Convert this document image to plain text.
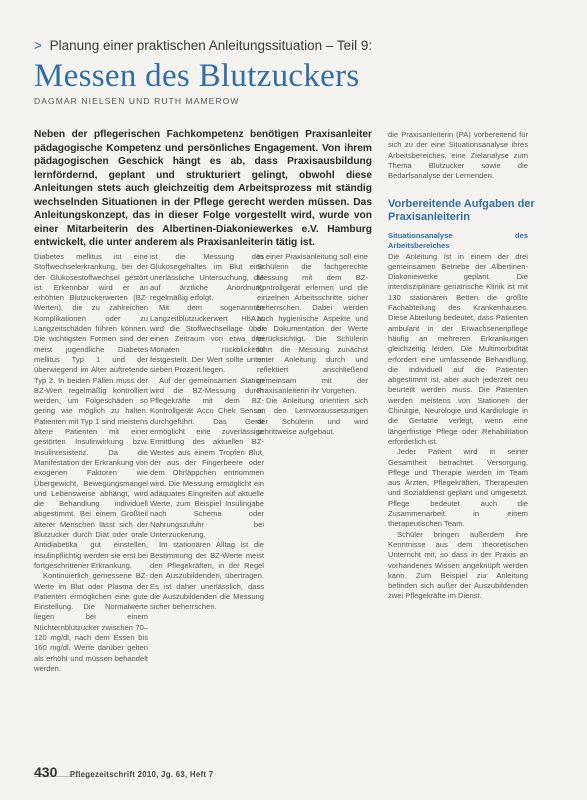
> Planung einer praktischen Anleitungssituation – Teil 9:
Messen des Blutzuckers
DAGMAR NIELSEN UND RUTH MAMEROW
Neben der pflegerischen Fachkompetenz benötigen Praxisanleiter pädagogische Kompetenz und persönliches Engagement. Von ihrem pädagogischen Geschick hängt es ab, dass Praxisausbildung lernfördernd, geplant und strukturiert gelingt, obwohl diese Anleitungen stets auch gleichzeitig dem Arbeitsprozess mit ständig wechselnden Situationen in der Pflege gerecht werden müssen. Das Anleitungskonzept, das in dieser Folge vorgestellt wird, wurde von einer Mitarbeiterin des Albertinen-Diakoniewerkes e.V. Hamburg entwickelt, die unter anderem als Praxisanleiterin tätig ist.

Diabetes mellitus ist eine Stoffwechselerkrankung, bei der der Glukosestoffwechsel gestört ist. Erkennbar wird er an erhöhten Blutzuckerwerten (BZ-Werten), die zu zahlreichen Komplikationen oder zu Langzeitschäden führen können. Die wichtigsten Formen sind der meist jugendliche Diabetes mellitus Typ 1 und der überwiegend im Alter auftretende Typ 2. In beiden Fällen muss der BZ-Wert regelmäßig kontrolliert werden, um Folgeschäden so gering wie möglich zu halten. Patienten mit Typ 1 sind meistens ältere Patienten mit einer gestörten Insulinwirkung bzw. Insulinresistenz. Da die Manifestation der Erkrankung von exogenen Faktoren wie Übergewicht, Bewegungsmangel und Lebensweise abhängt, wird die Behandlung individuell abgestimmt. Bei einem Großteil älterer Menschen lässt sich der Blutzucker durch Diät oder orale Antidiabetika gut einstellen, insulinpflichtig werden sie erst bei fortgeschrittener Erkrankung.

Kontinuierlich gemessene BZ-Werte im Blut oder Plasma der Patienten ermöglichen eine gute Einstellung. Die Normalwerte liegen bei einem Nüchternblutzucker zwischen 70–120 mg/dl, nach dem Essen bis 160 mg/dl. Werte darüber gelten als erhöht und müssen behandelt werden.

ist die Messung des Glukosegehaltes im Blut eine unerlässliche Untersuchung, die auf ärztliche Anordnung regelmäßig erfolgt.

Mit dem sogenannten Langzeitblutzuckerwert HbA1c wird die Stoffwechsellage über einen Zeitraum von etwa drei Monaten rückblickend festgestellt. Der Wert sollte unter sieben Prozent liegen.

Auf der gemeinsamen Station wird die BZ-Messung durch Pflegekräfte mit dem BZ-Kontrollgerät Accu Chek Sensor durchgeführt. Das Gerät ermöglicht eine zuverlässige Ermittlung des aktuellen BZ-Wertes aus einem Tropfen Blut, der aus der Fingerbeere oder dem Ohrläppchen entnommen wird. Die Messung ermöglicht ein adäquates Eingreifen auf aktuelle Werte, zum Beispiel Insulingabe nach Schema oder Nahrungszufuhr bei Unterzuckerung.

Im stationären Alltag ist die Bestimmung der BZ-Werte meist den Pflegekräften, in der Regel den Auszubildenden, übertragen. Es ist daher unerlässlich, dass die Auszubildenden die Messung sicher beherrschen.

In einer Praxisanleitung soll eine Schülerin die fachgerechte Messung mit dem BZ-Kontrollgerät erlernen und die einzelnen Arbeitsschritte sicher beherrschen. Dabei werden auch hygienische Aspekte und die Dokumentation der Werte berücksichtigt. Die Schülerin führt die Messung zunächst unter Anleitung durch und reflektiert anschließend gemeinsam mit der Praxisanleiterin ihr Vorgehen.

Die Anleitung orientiert sich an den Lernvoraussetzungen der Schülerin und wird schrittweise aufgebaut.

die Praxisanleiterin (PA) vorbereitend für sich zu der eine Situationsanalyse ihres Arbeitsbereiches, eine Zielanalyse zum Thema Blutzucker sowie die Bedarfsanalyse der Lernenden.

Vorbereitende Aufgaben der Praxisanleiterin
Situationsanalyse des Arbeitsbereiches

Die Anleitung ist in einem der drei gemeinsamen Betriebe der Albertinen-Diakoniewerke geplant. Die interdisziplinäre geriatrische Klinik ist mit 130 stationären Betten die größte Fachabteilung des Krankenhauses. Diese Abteilung bedeutet, dass Patienten ambulant in der Erwachsenenpflege häufig an mehreren Erkrankungen gleichzeitig leiden. Die Multimorbidität erfordert eine umfassende Behandlung, die individuell auf die Patienten abgestimmt ist, aber auch jederzeit neu beurteilt werden muss. Die Patienten werden meistens von Stationen der Chirurgie, Neurologie und Kardiologie in die Geriatrie verlegt, wenn eine längerfristige Pflege oder Rehabilitation erforderlich ist.

Jeder Patient wird in seiner Gesamtheit betrachtet. Versorgung, Pflege und Therapie werden im Team aus Ärzten, Pflegekräften, Therapeuten und Sozialdienst geplant und umgesetzt. Pflege bedeutet auch die Zusammenarbeit in einem therapeutischen Team.

Schüler bringen außerdem ihre Kenntnisse aus dem theoretischen Unterricht mit, so dass in der Praxis an vorhandenes Wissen angeknüpft werden kann. Zum Beispiel zur Anleitung befinden sich außer der Auszubildenden zwei Pflegekräfte im Dienst.

430 Pflegezeitschrift 2010, Jg. 63, Heft 7
